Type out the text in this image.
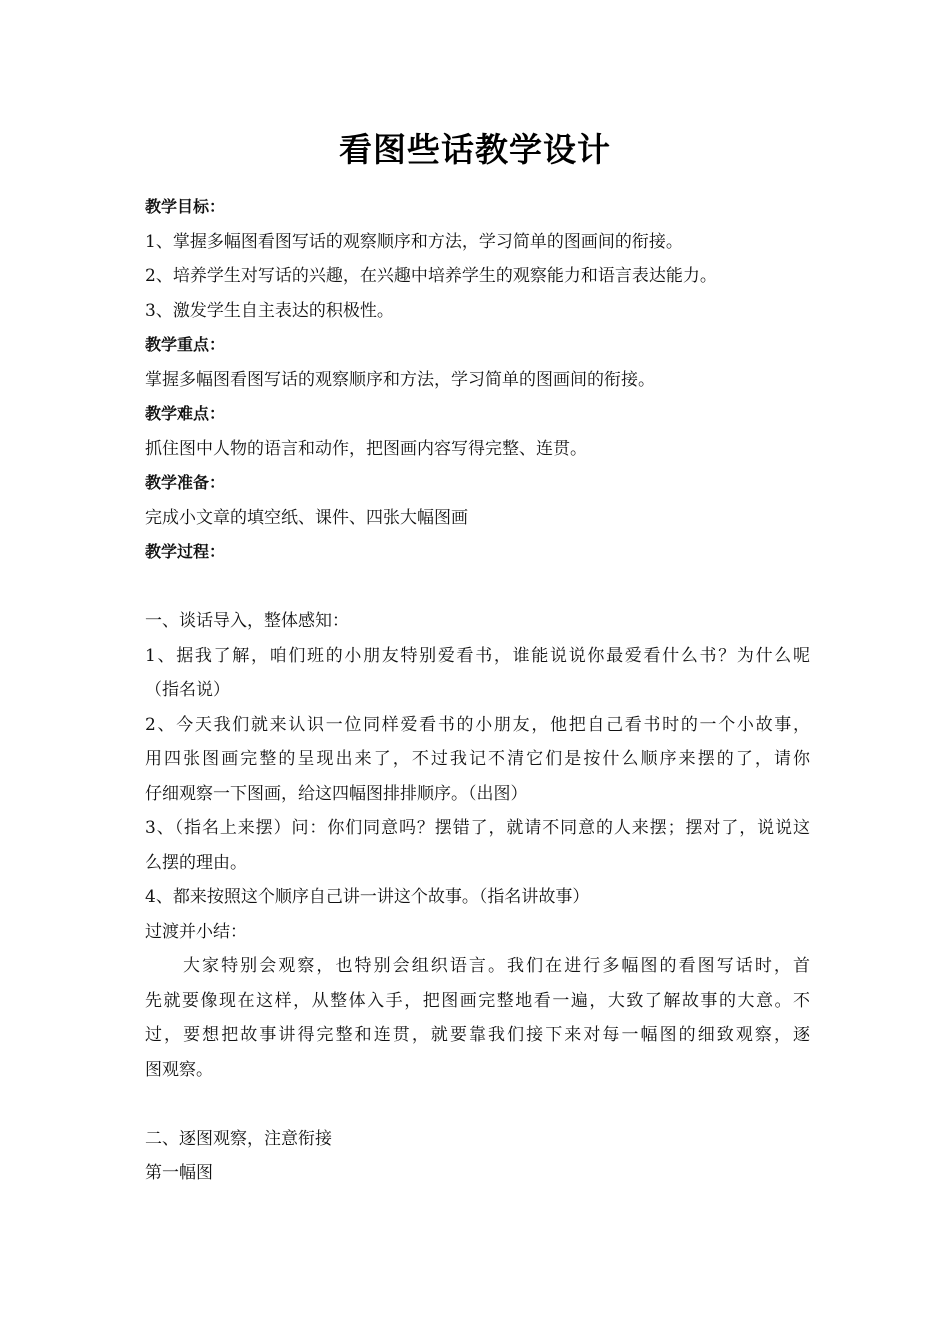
看图些话教学设计
教学目标：
1、掌握多幅图看图写话的观察顺序和方法，学习简单的图画间的衔接。
2、培养学生对写话的兴趣，在兴趣中培养学生的观察能力和语言表达能力。
3、激发学生自主表达的积极性。
教学重点：
掌握多幅图看图写话的观察顺序和方法，学习简单的图画间的衔接。
教学难点：
抓住图中人物的语言和动作，把图画内容写得完整、连贯。
教学准备：
完成小文章的填空纸、课件、四张大幅图画
教学过程：
一、谈话导入，整体感知：
1、据我了解，咱们班的小朋友特别爱看书，谁能说说你最爱看什么书？为什么呢
（指名说）
2、今天我们就来认识一位同样爱看书的小朋友，他把自己看书时的一个小故事，
用四张图画完整的呈现出来了，不过我记不清它们是按什么顺序来摆的了，请你
仔细观察一下图画，给这四幅图排排顺序。（出图）
3、（指名上来摆）问：你们同意吗？摆错了，就请不同意的人来摆；摆对了，说说这
么摆的理由。
4、都来按照这个顺序自己讲一讲这个故事。（指名讲故事）
过渡并小结：
大家特别会观察，也特别会组织语言。我们在进行多幅图的看图写话时，首
先就要像现在这样，从整体入手，把图画完整地看一遍，大致了解故事的大意。不
过，要想把故事讲得完整和连贯，就要靠我们接下来对每一幅图的细致观察，逐
图观察。
二、逐图观察，注意衔接
第一幅图
